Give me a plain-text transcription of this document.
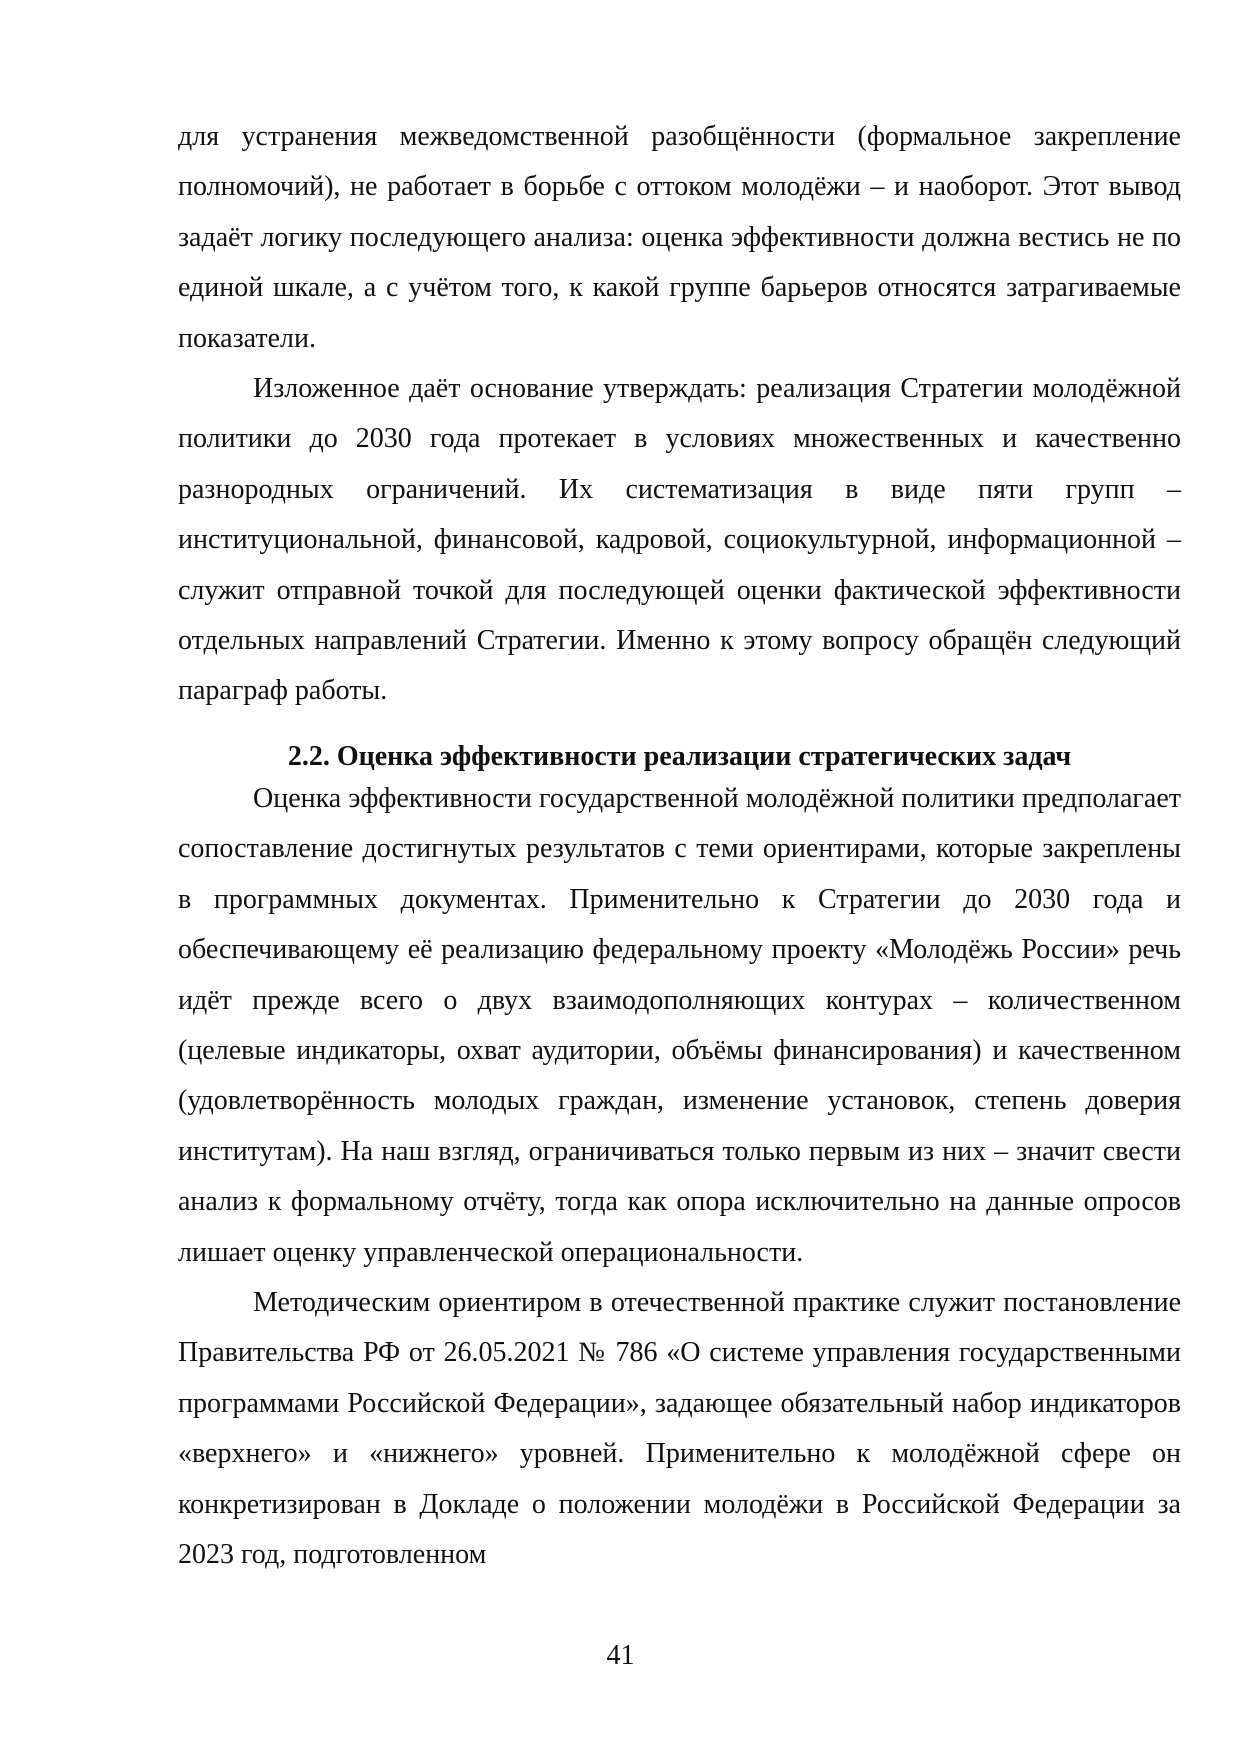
для устранения межведомственной разобщённости (формальное закрепление полномочий), не работает в борьбе с оттоком молодёжи – и наоборот. Этот вывод задаёт логику последующего анализа: оценка эффективности должна вестись не по единой шкале, а с учётом того, к какой группе барьеров относятся затрагиваемые показатели.

Изложенное даёт основание утверждать: реализация Стратегии молодёжной политики до 2030 года протекает в условиях множественных и качественно разнородных ограничений. Их систематизация в виде пяти групп – институциональной, финансовой, кадровой, социокультурной, информационной – служит отправной точкой для последующей оценки фактической эффективности отдельных направлений Стратегии. Именно к этому вопросу обращён следующий параграф работы.

2.2. Оценка эффективности реализации стратегических задач

Оценка эффективности государственной молодёжной политики предполагает сопоставление достигнутых результатов с теми ориентирами, которые закреплены в программных документах. Применительно к Стратегии до 2030 года и обеспечивающему её реализацию федеральному проекту «Молодёжь России» речь идёт прежде всего о двух взаимодополняющих контурах – количественном (целевые индикаторы, охват аудитории, объёмы финансирования) и качественном (удовлетворённость молодых граждан, изменение установок, степень доверия институтам). На наш взгляд, ограничиваться только первым из них – значит свести анализ к формальному отчёту, тогда как опора исключительно на данные опросов лишает оценку управленческой операциональности.

Методическим ориентиром в отечественной практике служит постановление Правительства РФ от 26.05.2021 № 786 «О системе управления государственными программами Российской Федерации», задающее обязательный набор индикаторов «верхнего» и «нижнего» уровней. Применительно к молодёжной сфере он конкретизирован в Докладе о положении молодёжи в Российской Федерации за 2023 год, подготовленном

41
